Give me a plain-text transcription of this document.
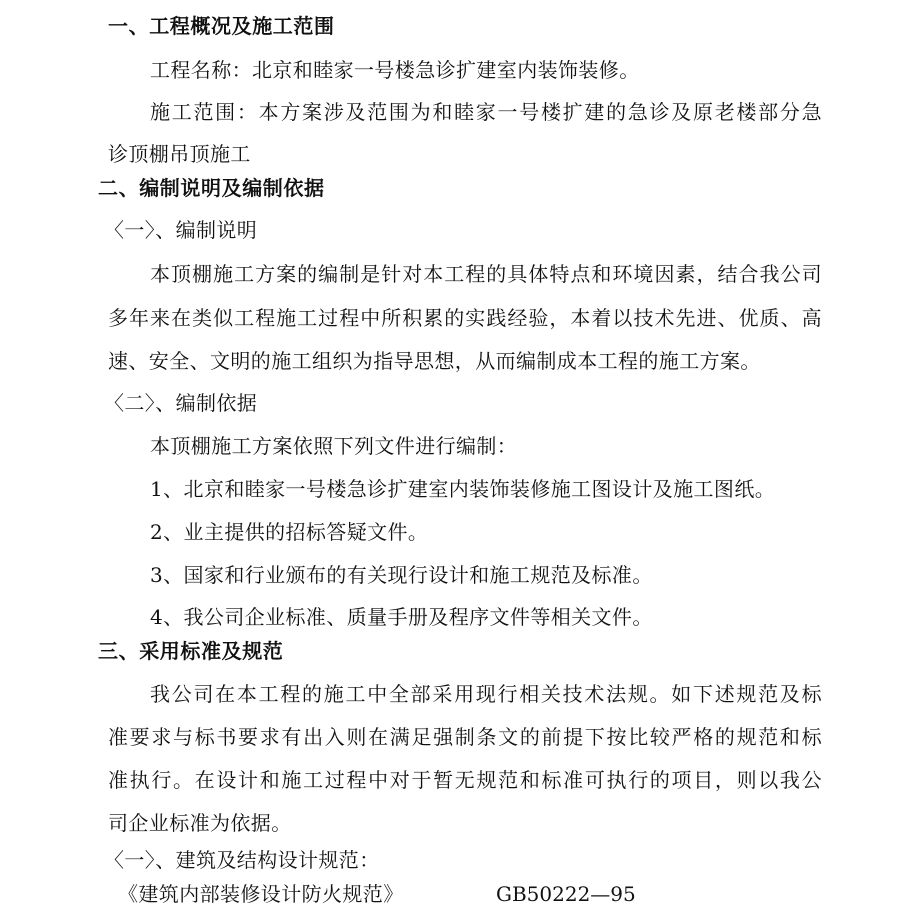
一、工程概况及施工范围
工程名称：北京和睦家一号楼急诊扩建室内装饰装修。
施工范围：本方案涉及范围为和睦家一号楼扩建的急诊及原老楼部分急
诊顶棚吊顶施工
二、编制说明及编制依据
〈一〉、编制说明
本顶棚施工方案的编制是针对本工程的具体特点和环境因素，结合我公司
多年来在类似工程施工过程中所积累的实践经验，本着以技术先进、优质、高
速、安全、文明的施工组织为指导思想，从而编制成本工程的施工方案。
〈二〉、编制依据
本顶棚施工方案依照下列文件进行编制：
1、北京和睦家一号楼急诊扩建室内装饰装修施工图设计及施工图纸。
2、业主提供的招标答疑文件。
3、国家和行业颁布的有关现行设计和施工规范及标准。
4、我公司企业标准、质量手册及程序文件等相关文件。
三、采用标准及规范
我公司在本工程的施工中全部采用现行相关技术法规。如下述规范及标
准要求与标书要求有出入则在满足强制条文的前提下按比较严格的规范和标
准执行。在设计和施工过程中对于暂无规范和标准可执行的项目，则以我公
司企业标准为依据。
〈一〉、建筑及结构设计规范：
《建筑内部装修设计防火规范》	GB50222—95
